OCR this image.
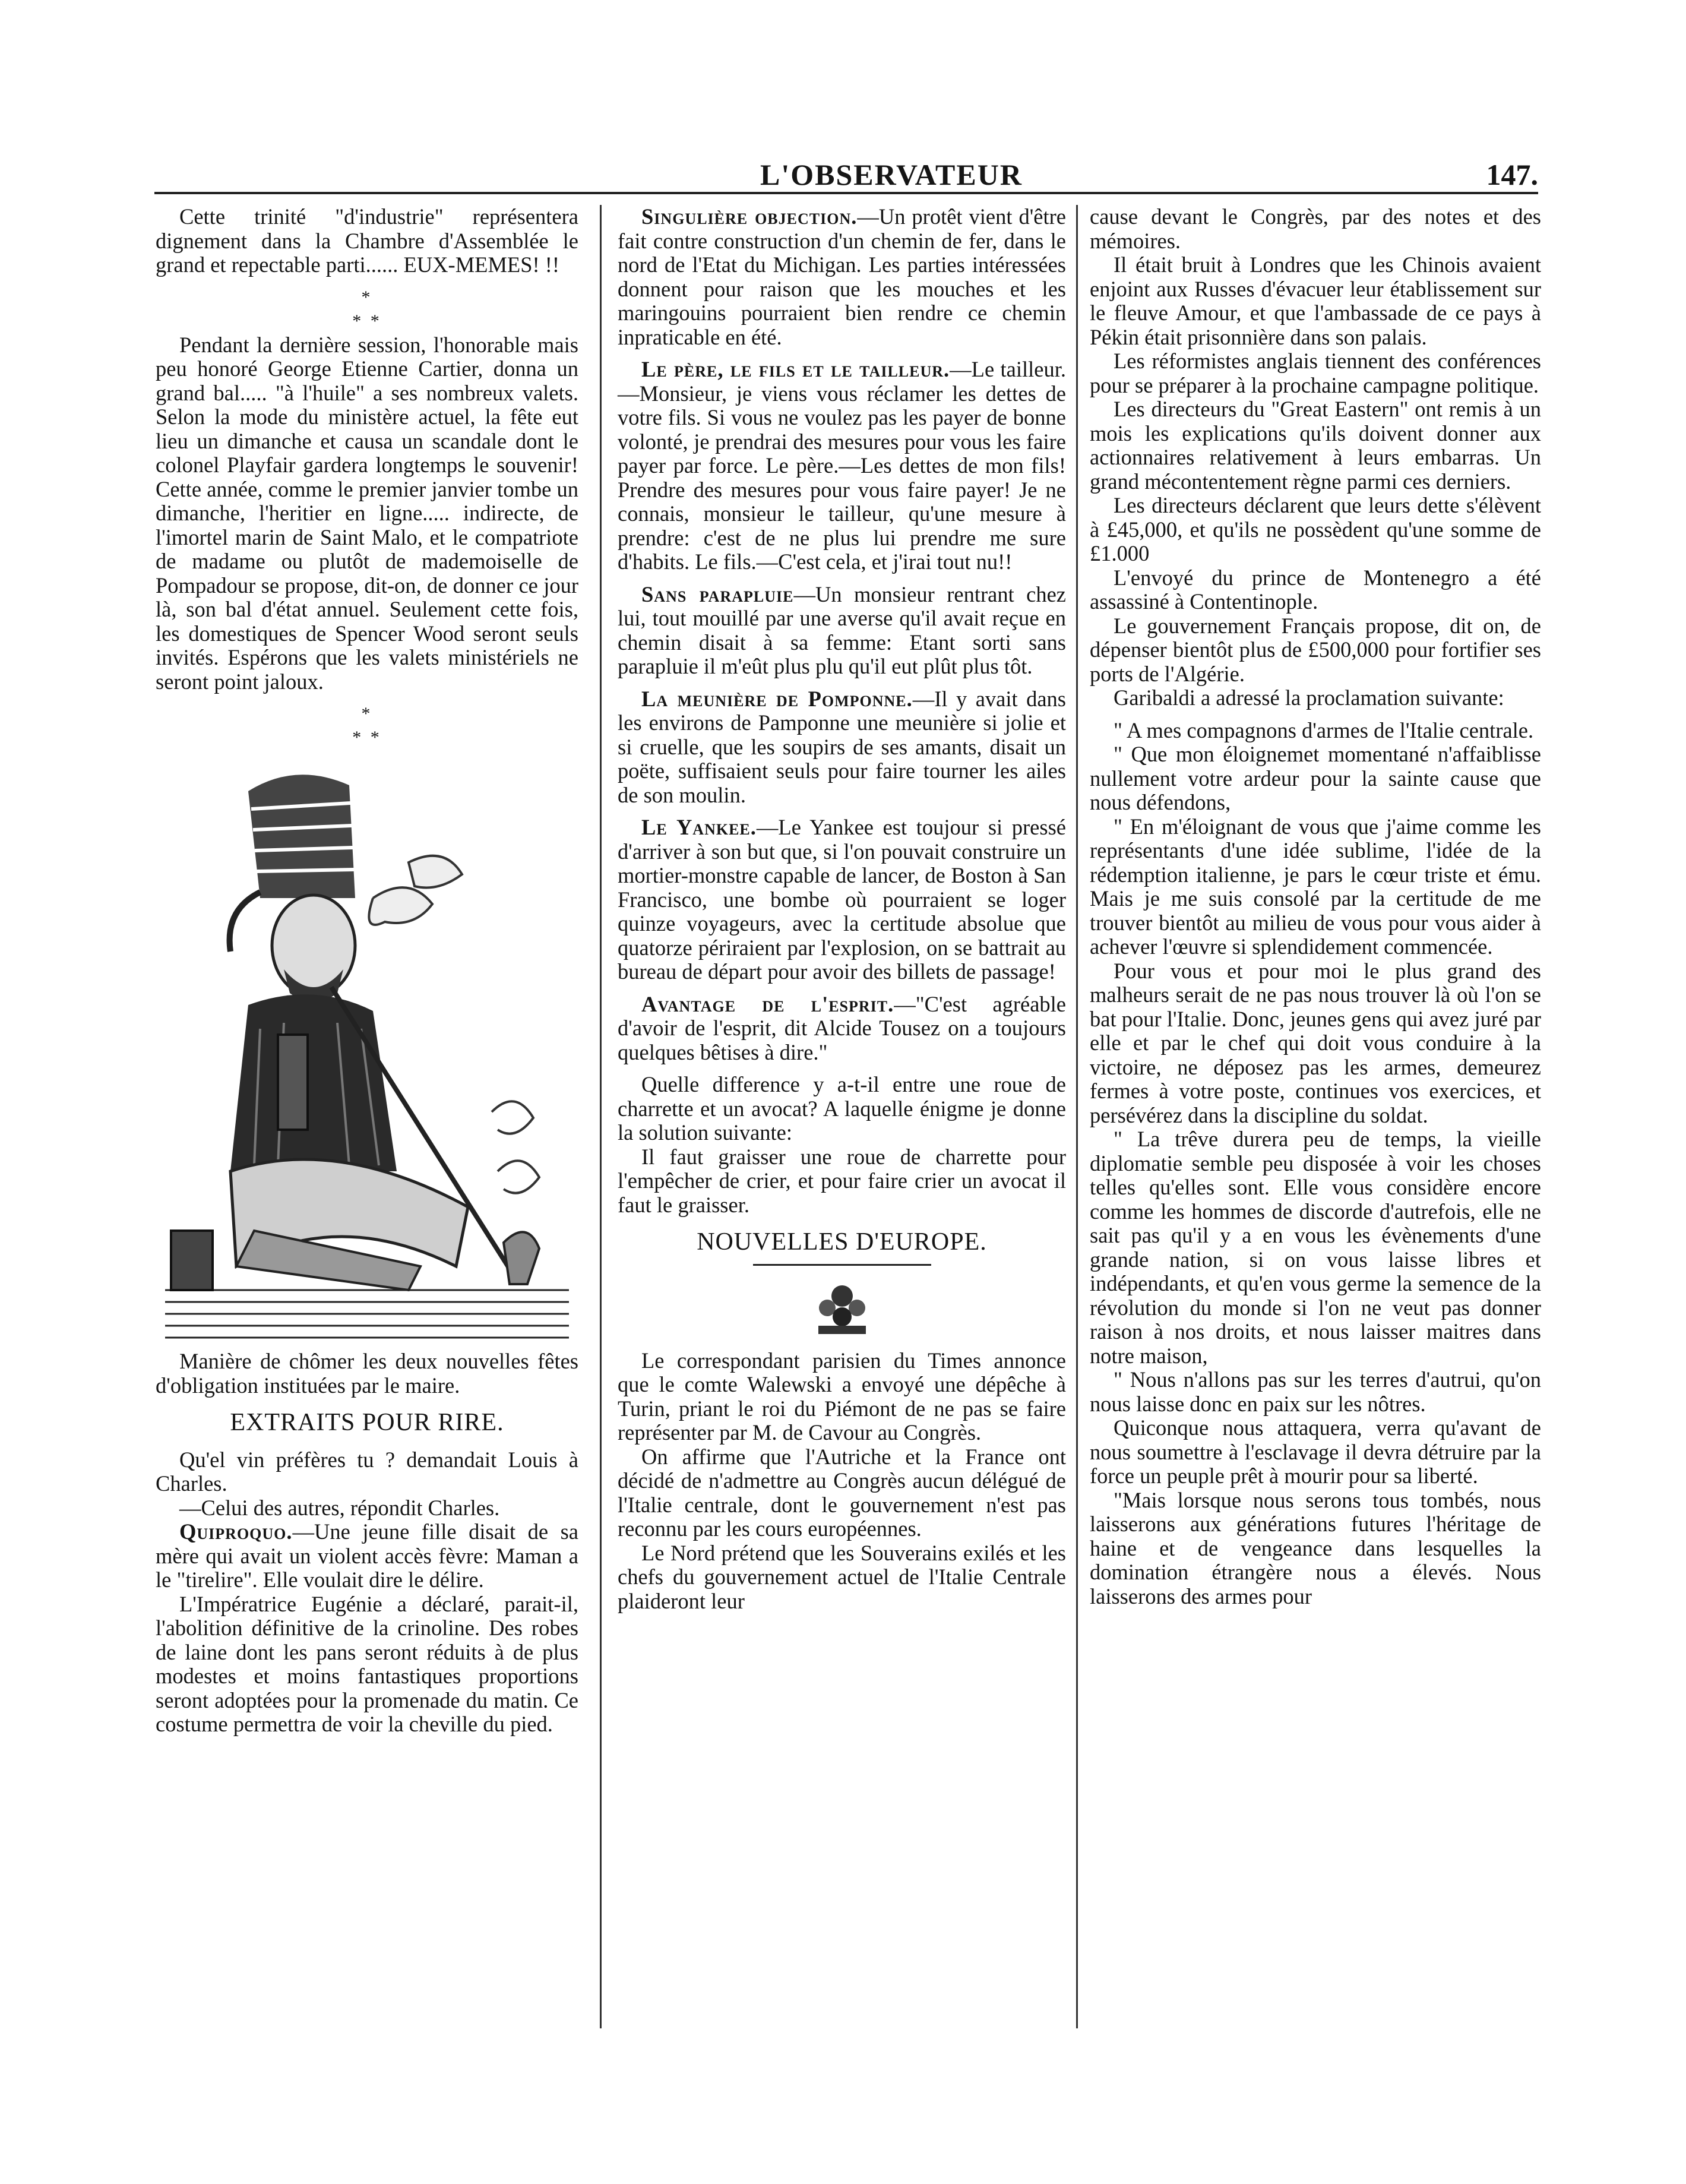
L'OBSERVATEUR	147.

Cette trinité "d'industrie" représentera dignement dans la Chambre d'Assemblée le grand et repectable parti...... EUX-MEMES! !!

*
* *

Pendant la dernière session, l'honorable mais peu honoré George Etienne Cartier, donna un grand bal..... "à l'huile" a ses nombreux valets. Selon la mode du ministère actuel, la fête eut lieu un dimanche et causa un scandale dont le colonel Playfair gardera longtemps le souvenir! Cette année, comme le premier janvier tombe un dimanche, l'heritier en ligne..... indirecte, de l'imortel marin de Saint Malo, et le compatriote de madame ou plutôt de mademoiselle de Pompadour se propose, dit-on, de donner ce jour là, son bal d'état annuel. Seulement cette fois, les domestiques de Spencer Wood seront seuls invités. Espérons que les valets ministériels ne seront point jaloux.

*
* *

Manière de chômer les deux nouvelles fêtes d'obligation instituées par le maire.

EXTRAITS POUR RIRE.

Qu'el vin préfères tu ? demandait Louis à Charles.

—Celui des autres, répondit Charles.

Quiproquo.—Une jeune fille disait de sa mère qui avait un violent accès fèvre: Maman a le "tirelire". Elle voulait dire le délire.

L'Impératrice Eugénie a déclaré, parait-il, l'abolition définitive de la crinoline. Des robes de laine dont les pans seront réduits à de plus modestes et moins fantastiques proportions seront adoptées pour la promenade du matin. Ce costume permettra de voir la cheville du pied.

Singulière objection.—Un protêt vient d'être fait contre construction d'un chemin de fer, dans le nord de l'Etat du Michigan. Les parties intéressées donnent pour raison que les mouches et les maringouins pourraient bien rendre ce chemin inpraticable en été.

Le père, le fils et le tailleur.—Le tailleur.—Monsieur, je viens vous réclamer les dettes de votre fils. Si vous ne voulez pas les payer de bonne volonté, je prendrai des mesures pour vous les faire payer par force. Le père.—Les dettes de mon fils! Prendre des mesures pour vous faire payer! Je ne connais, monsieur le tailleur, qu'une mesure à prendre: c'est de ne plus lui prendre me sure d'habits. Le fils.—C'est cela, et j'irai tout nu!!

Sans parapluie—Un monsieur rentrant chez lui, tout mouillé par une averse qu'il avait reçue en chemin disait à sa femme: Etant sorti sans parapluie il m'eût plus plu qu'il eut plût plus tôt.

La meunière de Pomponne.—Il y avait dans les environs de Pamponne une meunière si jolie et si cruelle, que les soupirs de ses amants, disait un poëte, suffisaient seuls pour faire tourner les ailes de son moulin.

Le Yankee.—Le Yankee est toujour si pressé d'arriver à son but que, si l'on pouvait construire un mortier-monstre capable de lancer, de Boston à San Francisco, une bombe où pourraient se loger quinze voyageurs, avec la certitude absolue que quatorze périraient par l'explosion, on se battrait au bureau de départ pour avoir des billets de passage!

Avantage de l'esprit.—"C'est agréable d'avoir de l'esprit, dit Alcide Tousez on a toujours quelques bêtises à dire."

Quelle difference y a-t-il entre une roue de charrette et un avocat? A laquelle énigme je donne la solution suivante:

Il faut graisser une roue de charrette pour l'empêcher de crier, et pour faire crier un avocat il faut le graisser.

NOUVELLES D'EUROPE.

Le correspondant parisien du Times annonce que le comte Walewski a envoyé une dépêche à Turin, priant le roi du Piémont de ne pas se faire représenter par M. de Cavour au Congrès.

On affirme que l'Autriche et la France ont décidé de n'admettre au Congrès aucun délégué de l'Italie centrale, dont le gouvernement n'est pas reconnu par les cours européennes.

Le Nord prétend que les Souverains exilés et les chefs du gouvernement actuel de l'Italie Centrale plaideront leur

cause devant le Congrès, par des notes et des mémoires.

Il était bruit à Londres que les Chinois avaient enjoint aux Russes d'évacuer leur établissement sur le fleuve Amour, et que l'ambassade de ce pays à Pékin était prisonnière dans son palais.

Les réformistes anglais tiennent des conférences pour se préparer à la prochaine campagne politique.

Les directeurs du "Great Eastern" ont remis à un mois les explications qu'ils doivent donner aux actionnaires relativement à leurs embarras. Un grand mécontentement règne parmi ces derniers.

Les directeurs déclarent que leurs dette s'élèvent à £45,000, et qu'ils ne possèdent qu'une somme de £1.000

L'envoyé du prince de Montenegro a été assassiné à Contentinople.

Le gouvernement Français propose, dit on, de dépenser bientôt plus de £500,000 pour fortifier ses ports de l'Algérie.

Garibaldi a adressé la proclamation suivante:

" A mes compagnons d'armes de l'Italie centrale.

" Que mon éloignemet momentané n'affaiblisse nullement votre ardeur pour la sainte cause que nous défendons,

" En m'éloignant de vous que j'aime comme les représentants d'une idée sublime, l'idée de la rédemption italienne, je pars le cœur triste et ému. Mais je me suis consolé par la certitude de me trouver bientôt au milieu de vous pour vous aider à achever l'œuvre si splendidement commencée.

Pour vous et pour moi le plus grand des malheurs serait de ne pas nous trouver là où l'on se bat pour l'Italie. Donc, jeunes gens qui avez juré par elle et par le chef qui doit vous conduire à la victoire, ne déposez pas les armes, demeurez fermes à votre poste, continues vos exercices, et persévérez dans la discipline du soldat.

" La trêve durera peu de temps, la vieille diplomatie semble peu disposée à voir les choses telles qu'elles sont. Elle vous considère encore comme les hommes de discorde d'autrefois, elle ne sait pas qu'il y a en vous les évènements d'une grande nation, si on vous laisse libres et indépendants, et qu'en vous germe la semence de la révolution du monde si l'on ne veut pas donner raison à nos droits, et nous laisser maitres dans notre maison,

" Nous n'allons pas sur les terres d'autrui, qu'on nous laisse donc en paix sur les nôtres.

Quiconque nous attaquera, verra qu'avant de nous soumettre à l'esclavage il devra détruire par la force un peuple prêt à mourir pour sa liberté.

"Mais lorsque nous serons tous tombés, nous laisserons aux générations futures l'héritage de haine et de vengeance dans lesquelles la domination étrangère nous a élevés. Nous laisserons des armes pour
